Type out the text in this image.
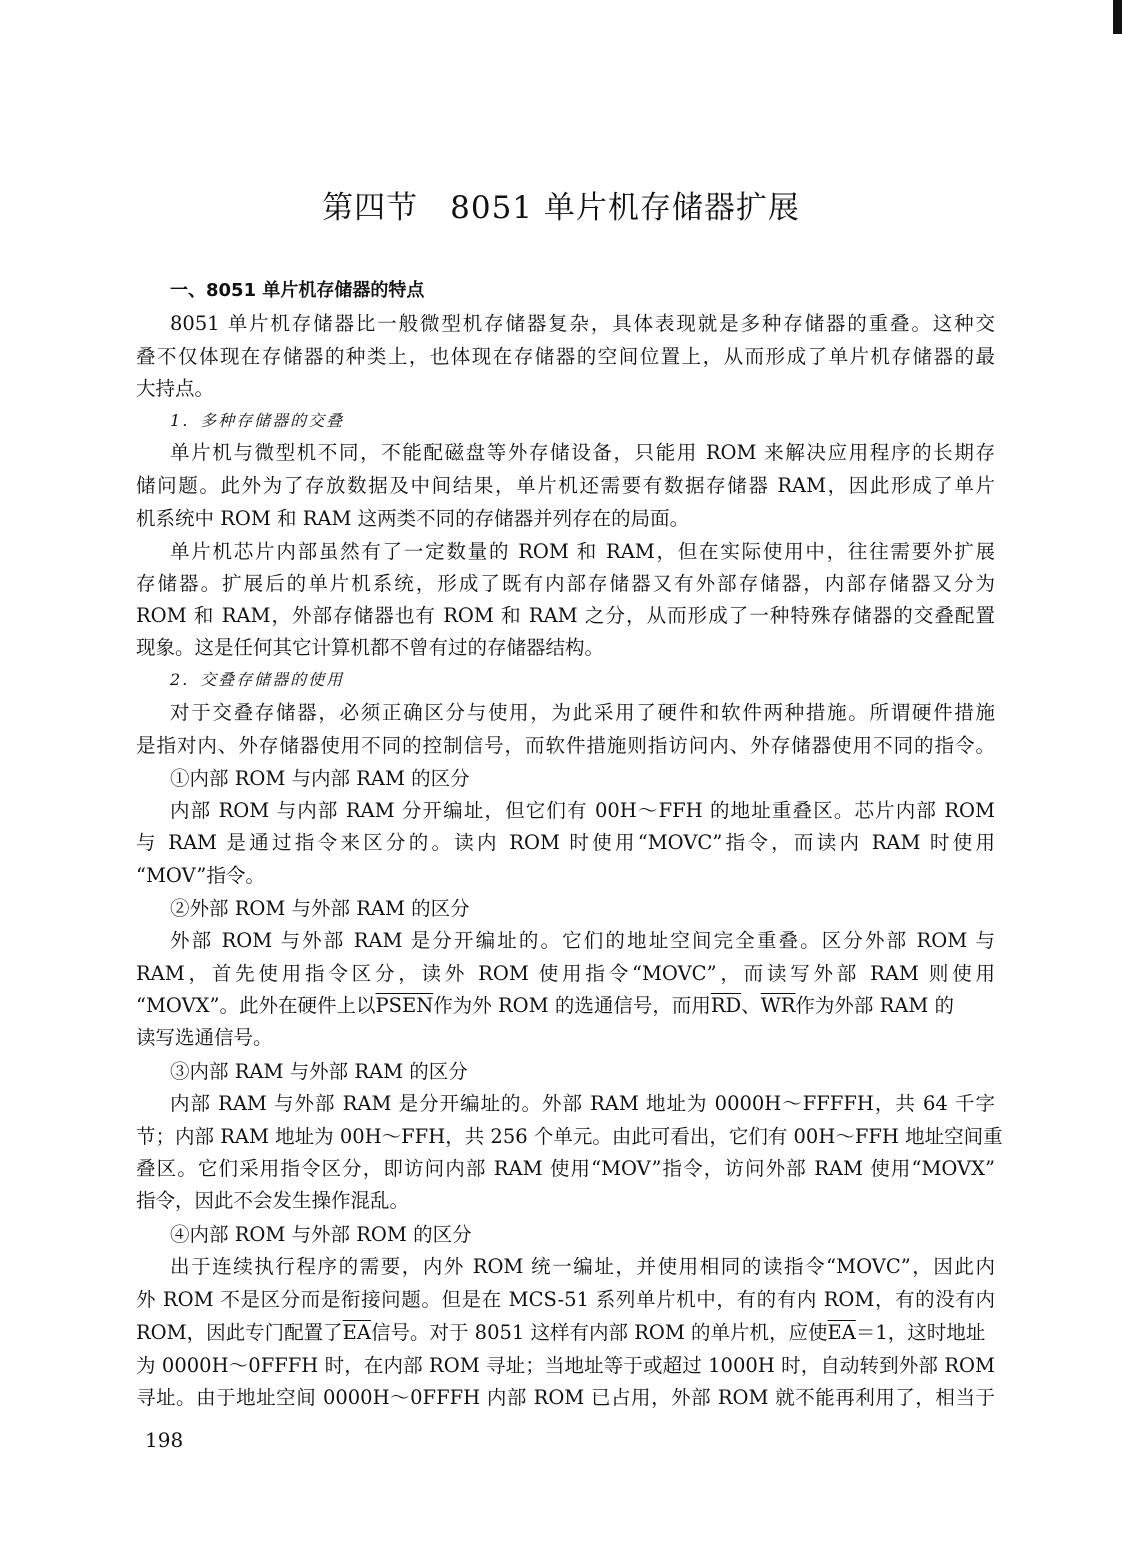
第四节　8051 单片机存储器扩展
一、8051 单片机存储器的特点
8051 单片机存储器比一般微型机存储器复杂，具体表现就是多种存储器的重叠。这种交
叠不仅体现在存储器的种类上，也体现在存储器的空间位置上，从而形成了单片机存储器的最
大持点。
1．多种存储器的交叠
单片机与微型机不同，不能配磁盘等外存储设备，只能用 ROM 来解决应用程序的长期存
储问题。此外为了存放数据及中间结果，单片机还需要有数据存储器 RAM，因此形成了单片
机系统中 ROM 和 RAM 这两类不同的存储器并列存在的局面。
单片机芯片内部虽然有了一定数量的 ROM 和 RAM，但在实际使用中，往往需要外扩展
存储器。扩展后的单片机系统，形成了既有内部存储器又有外部存储器，内部存储器又分为
ROM 和 RAM，外部存储器也有 ROM 和 RAM 之分，从而形成了一种特殊存储器的交叠配置
现象。这是任何其它计算机都不曾有过的存储器结构。
2．交叠存储器的使用
对于交叠存储器，必须正确区分与使用，为此采用了硬件和软件两种措施。所谓硬件措施
是指对内、外存储器使用不同的控制信号，而软件措施则指访问内、外存储器使用不同的指令。
①内部 ROM 与内部 RAM 的区分
内部 ROM 与内部 RAM 分开编址，但它们有 00H～FFH 的地址重叠区。芯片内部 ROM
与 RAM 是通过指令来区分的。读内 ROM 时使用“MOVC”指令，而读内 RAM 时使用
“MOV”指令。
②外部 ROM 与外部 RAM 的区分
外部 ROM 与外部 RAM 是分开编址的。它们的地址空间完全重叠。区分外部 ROM 与
RAM，首先使用指令区分，读外 ROM 使用指令“MOVC”，而读写外部 RAM 则使用
“MOVX”。此外在硬件上以PSEN作为外 ROM 的选通信号，而用$\overline{RD}$、$\overline{WR}$作为外部 RAM 的
读写选通信号。
③内部 RAM 与外部 RAM 的区分
内部 RAM 与外部 RAM 是分开编址的。外部 RAM 地址为 0000H～FFFFH，共 64 千字
节；内部 RAM 地址为 00H～FFH，共 256 个单元。由此可看出，它们有 00H～FFH 地址空间重
叠区。它们采用指令区分，即访问内部 RAM 使用“MOV”指令，访问外部 RAM 使用“MOVX”
指令，因此不会发生操作混乱。
④内部 ROM 与外部 ROM 的区分
出于连续执行程序的需要，内外 ROM 统一编址，并使用相同的读指令“MOVC”，因此内
外 ROM 不是区分而是衔接问题。但是在 MCS-51 系列单片机中，有的有内 ROM，有的没有内
ROM，因此专门配置了$\overline{EA}$信号。对于 8051 这样有内部 ROM 的单片机，应使$\overline{EA}=1$，这时地址
为 0000H～0FFFH 时，在内部 ROM 寻址；当地址等于或超过 1000H 时，自动转到外部 ROM
寻址。由于地址空间 0000H～0FFFH 内部 ROM 已占用，外部 ROM 就不能再利用了，相当于
198
